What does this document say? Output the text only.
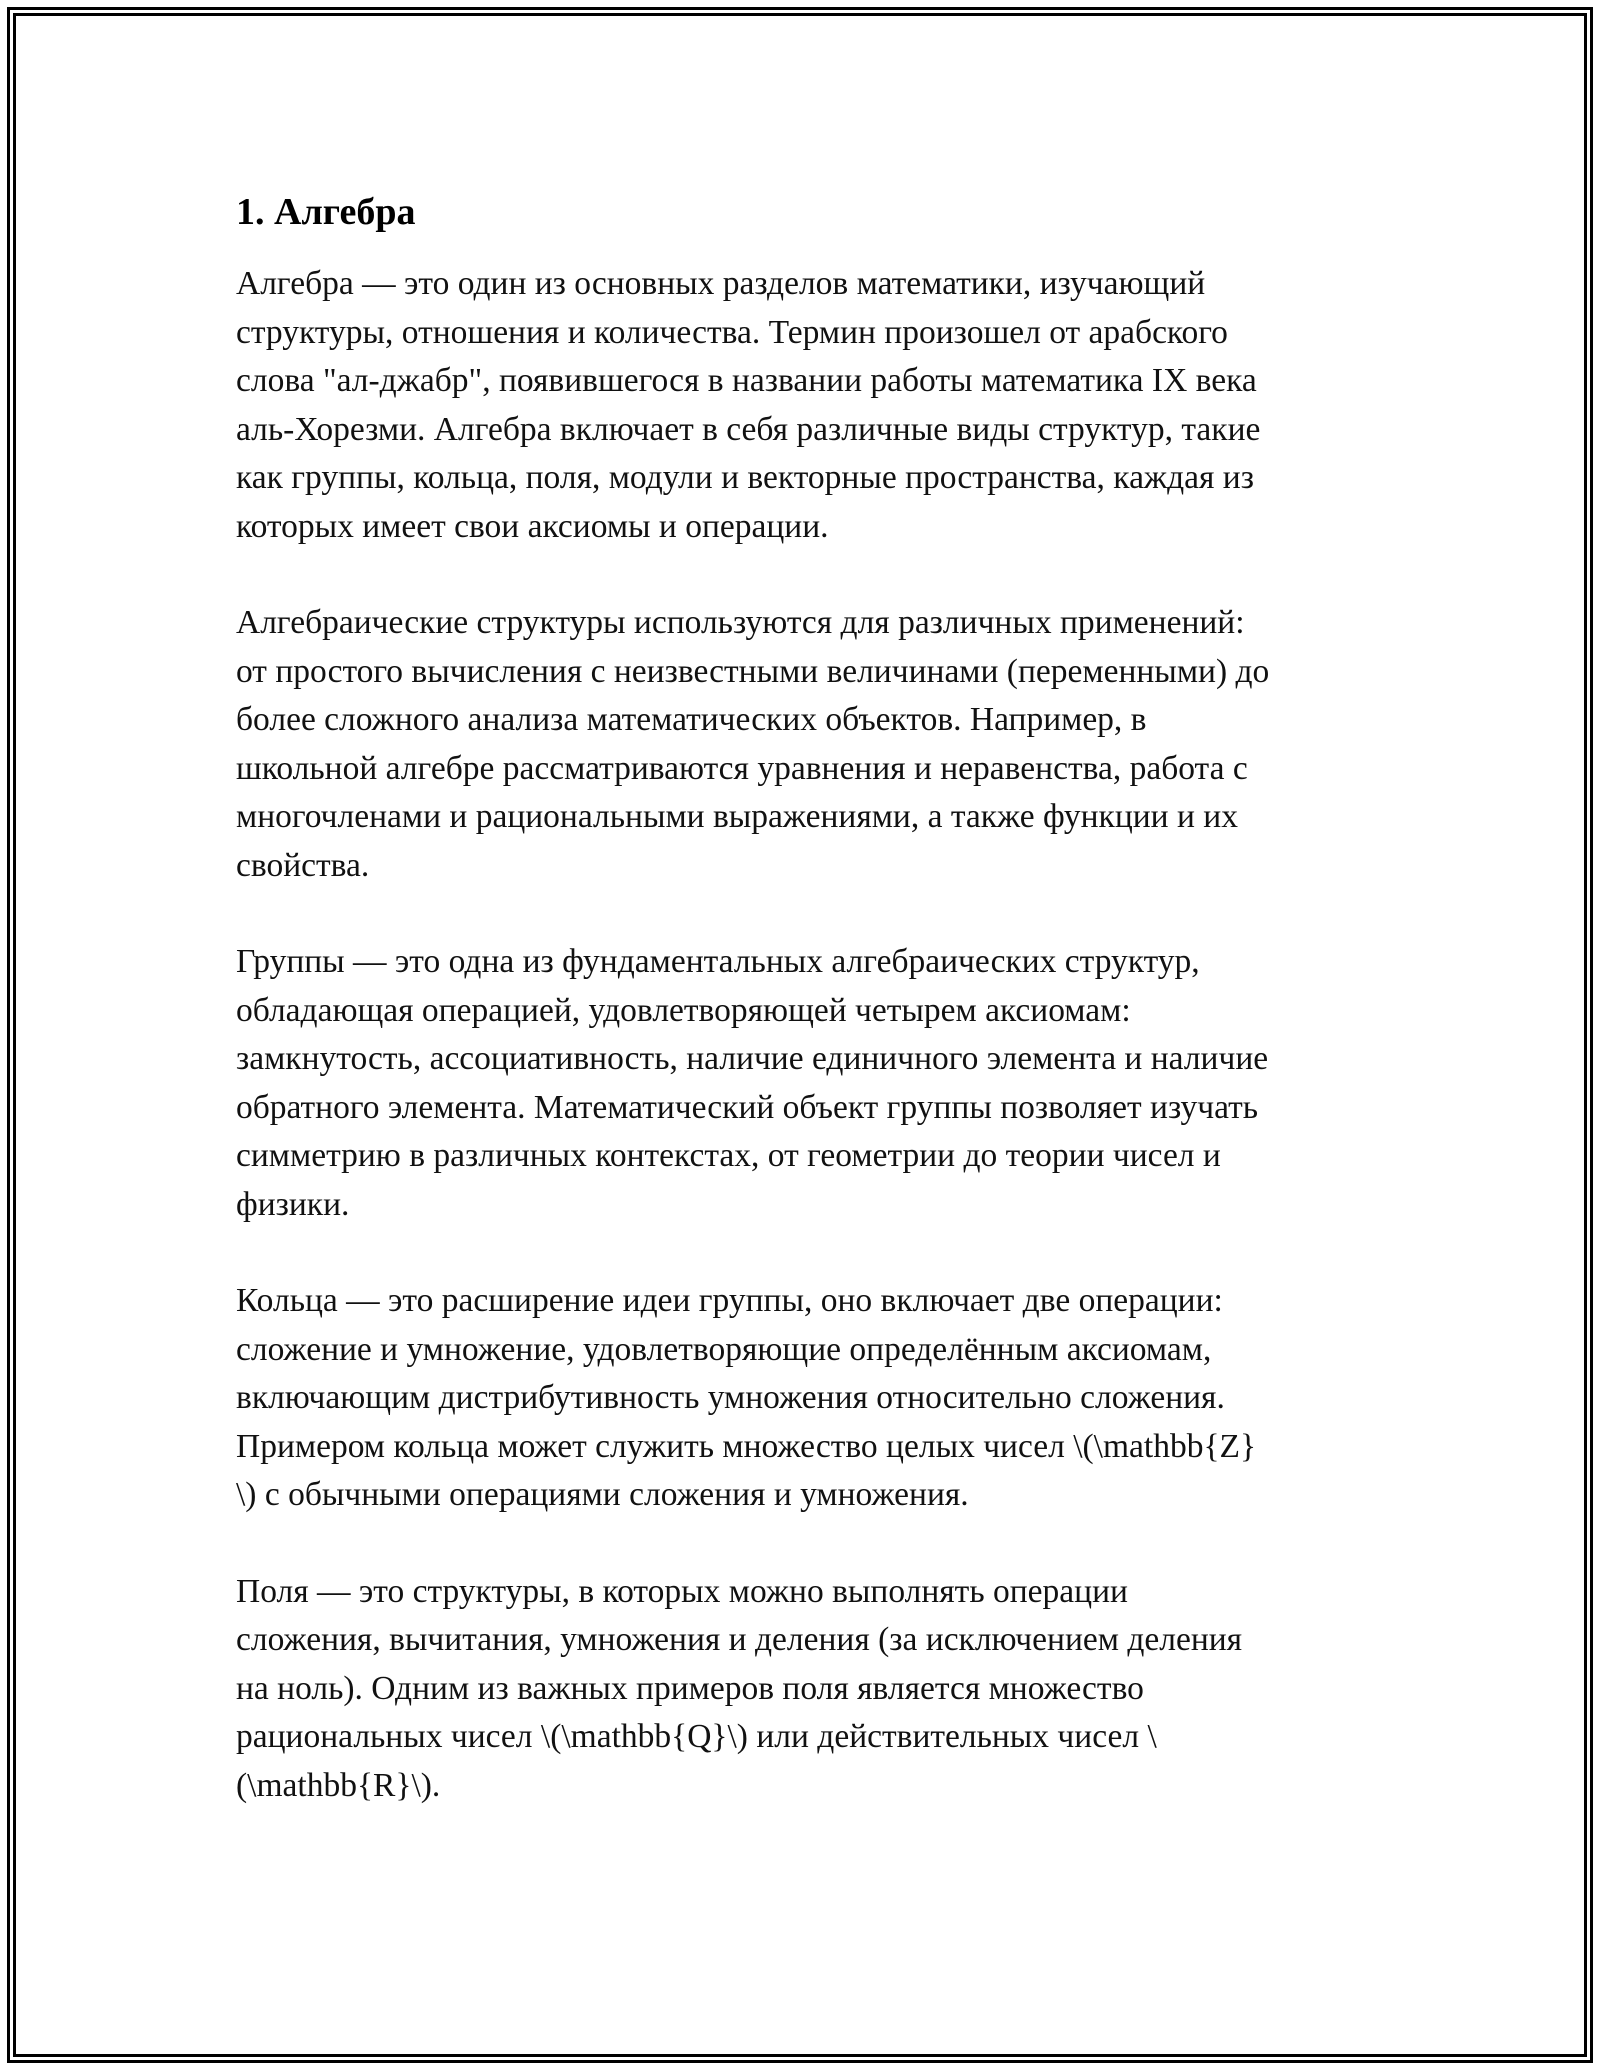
1. Алгебра
Алгебра — это один из основных разделов математики, изучающий
структуры, отношения и количества. Термин произошел от арабского
слова "ал-джабр", появившегося в названии работы математика IX века
аль-Хорезми. Алгебра включает в себя различные виды структур, такие
как группы, кольца, поля, модули и векторные пространства, каждая из
которых имеет свои аксиомы и операции.
Алгебраические структуры используются для различных применений:
от простого вычисления с неизвестными величинами (переменными) до
более сложного анализа математических объектов. Например, в
школьной алгебре рассматриваются уравнения и неравенства, работа с
многочленами и рациональными выражениями, а также функции и их
свойства.
Группы — это одна из фундаментальных алгебраических структур,
обладающая операцией, удовлетворяющей четырем аксиомам:
замкнутость, ассоциативность, наличие единичного элемента и наличие
обратного элемента. Математический объект группы позволяет изучать
симметрию в различных контекстах, от геометрии до теории чисел и
физики.
Кольца — это расширение идеи группы, оно включает две операции:
сложение и умножение, удовлетворяющие определённым аксиомам,
включающим дистрибутивность умножения относительно сложения.
Примером кольца может служить множество целых чисел \(\mathbb{Z}
\) с обычными операциями сложения и умножения.
Поля — это структуры, в которых можно выполнять операции
сложения, вычитания, умножения и деления (за исключением деления
на ноль). Одним из важных примеров поля является множество
рациональных чисел \(\mathbb{Q}\) или действительных чисел \
(\mathbb{R}\).
